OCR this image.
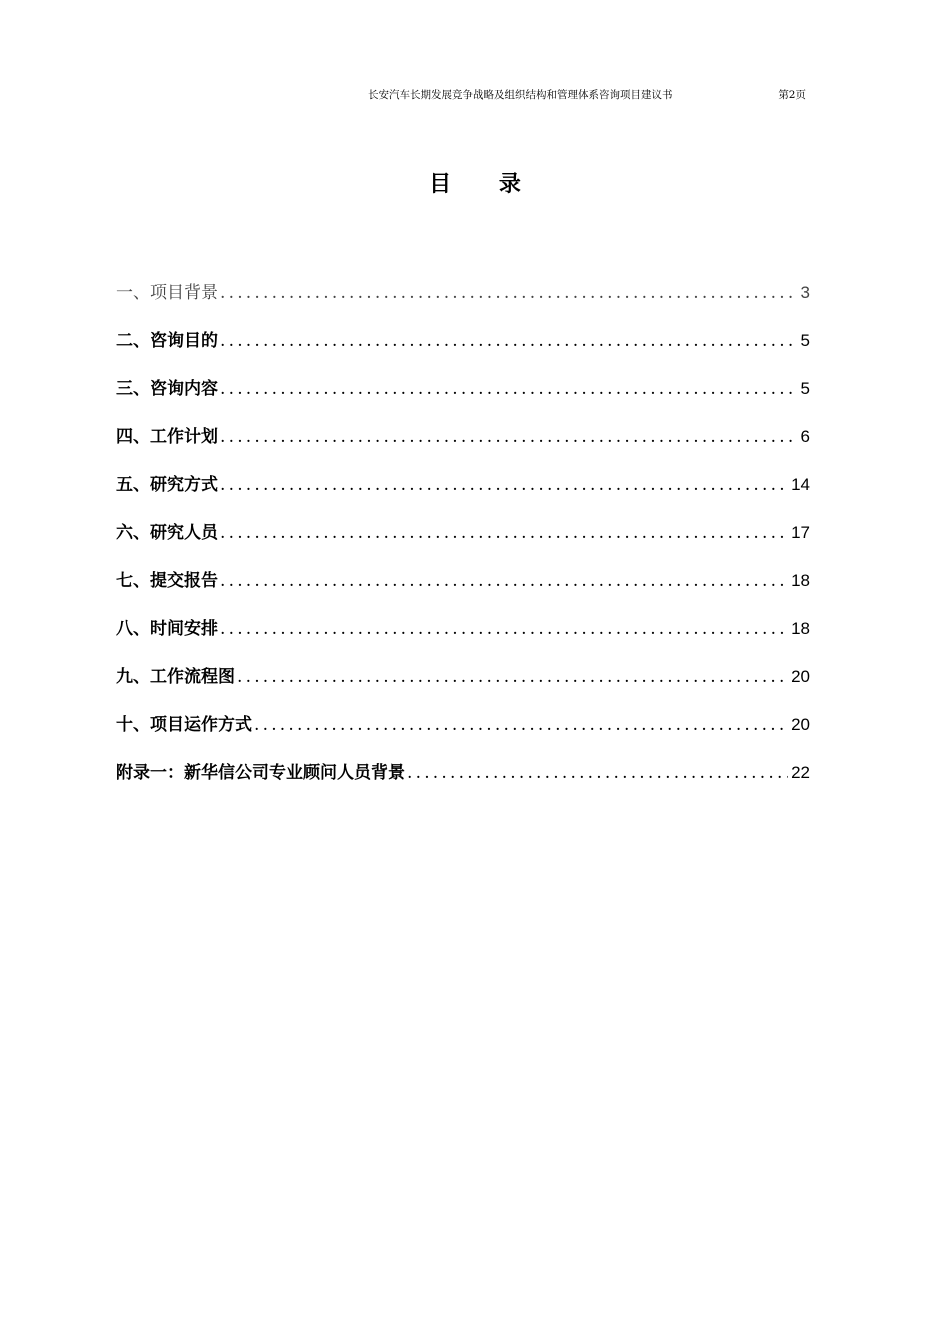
长安汽车长期发展竞争战略及组织结构和管理体系咨询项目建议书	第2页
目 录
一、项目背景 .....	3
二、咨询目的 .....	5
三、咨询内容 .....	5
四、工作计划 .....	6
五、研究方式 .....	14
六、研究人员 .....	17
七、提交报告 .....	18
八、时间安排 .....	18
九、工作流程图 .....	20
十、项目运作方式 .....	20
附录一：新华信公司专业顾问人员背景 .....	22
